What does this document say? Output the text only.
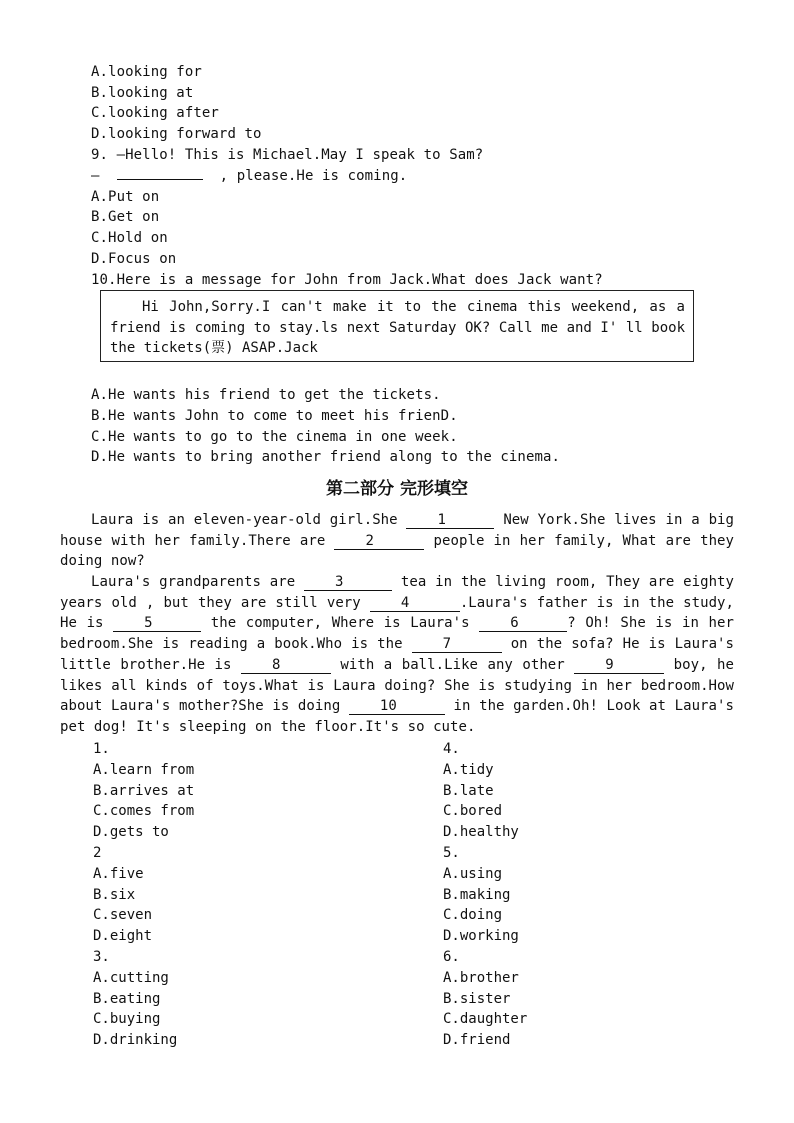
A.looking for
B.looking at
C.looking after
D.looking forward to
9. —Hello! This is Michael.May I speak to Sam?
—	, please.He is coming.
A.Put on
B.Get on
C.Hold on
D.Focus on
10.Here is a message for John from Jack.What does Jack want?
Hi John,Sorry.I can't make it to the cinema this weekend, as a friend is coming to stay.ls next Saturday OK? Call me and I' ll book the tickets(票) ASAP.Jack
A.He wants his friend to get the tickets.
B.He wants John to come to meet his frienD.
C.He wants to go to the cinema in one week.
D.He wants to bring another friend along to the cinema.
第二部分 完形填空
Laura is an eleven-year-old girl.She	1	New York.She lives in a big house with her family.There are	2	people in her family, What are they doing now?
Laura's grandparents are	3	tea in the living room, They are eighty years old , but they are still very	4	.Laura's father is in the study, He is	5	the computer, Where is Laura's	6	? Oh! She is in her bedroom.She is reading a book.Who is the	7	on the sofa? He is Laura's little brother.He is	8	with a ball.Like any other	9	boy, he likes all kinds of toys.What is Laura doing? She is studying in her bedroom.How about Laura's mother?She is doing	10	in the garden.Oh! Look at Laura's pet dog! It's sleeping on the floor.It's so cute.
1.
A.learn from
B.arrives at
C.comes from
D.gets to
2
A.five
B.six
C.seven
D.eight
3.
A.cutting
B.eating
C.buying
D.drinking
4.
A.tidy
B.late
C.bored
D.healthy
5.
A.using
B.making
C.doing
D.working
6.
A.brother
B.sister
C.daughter
D.friend
